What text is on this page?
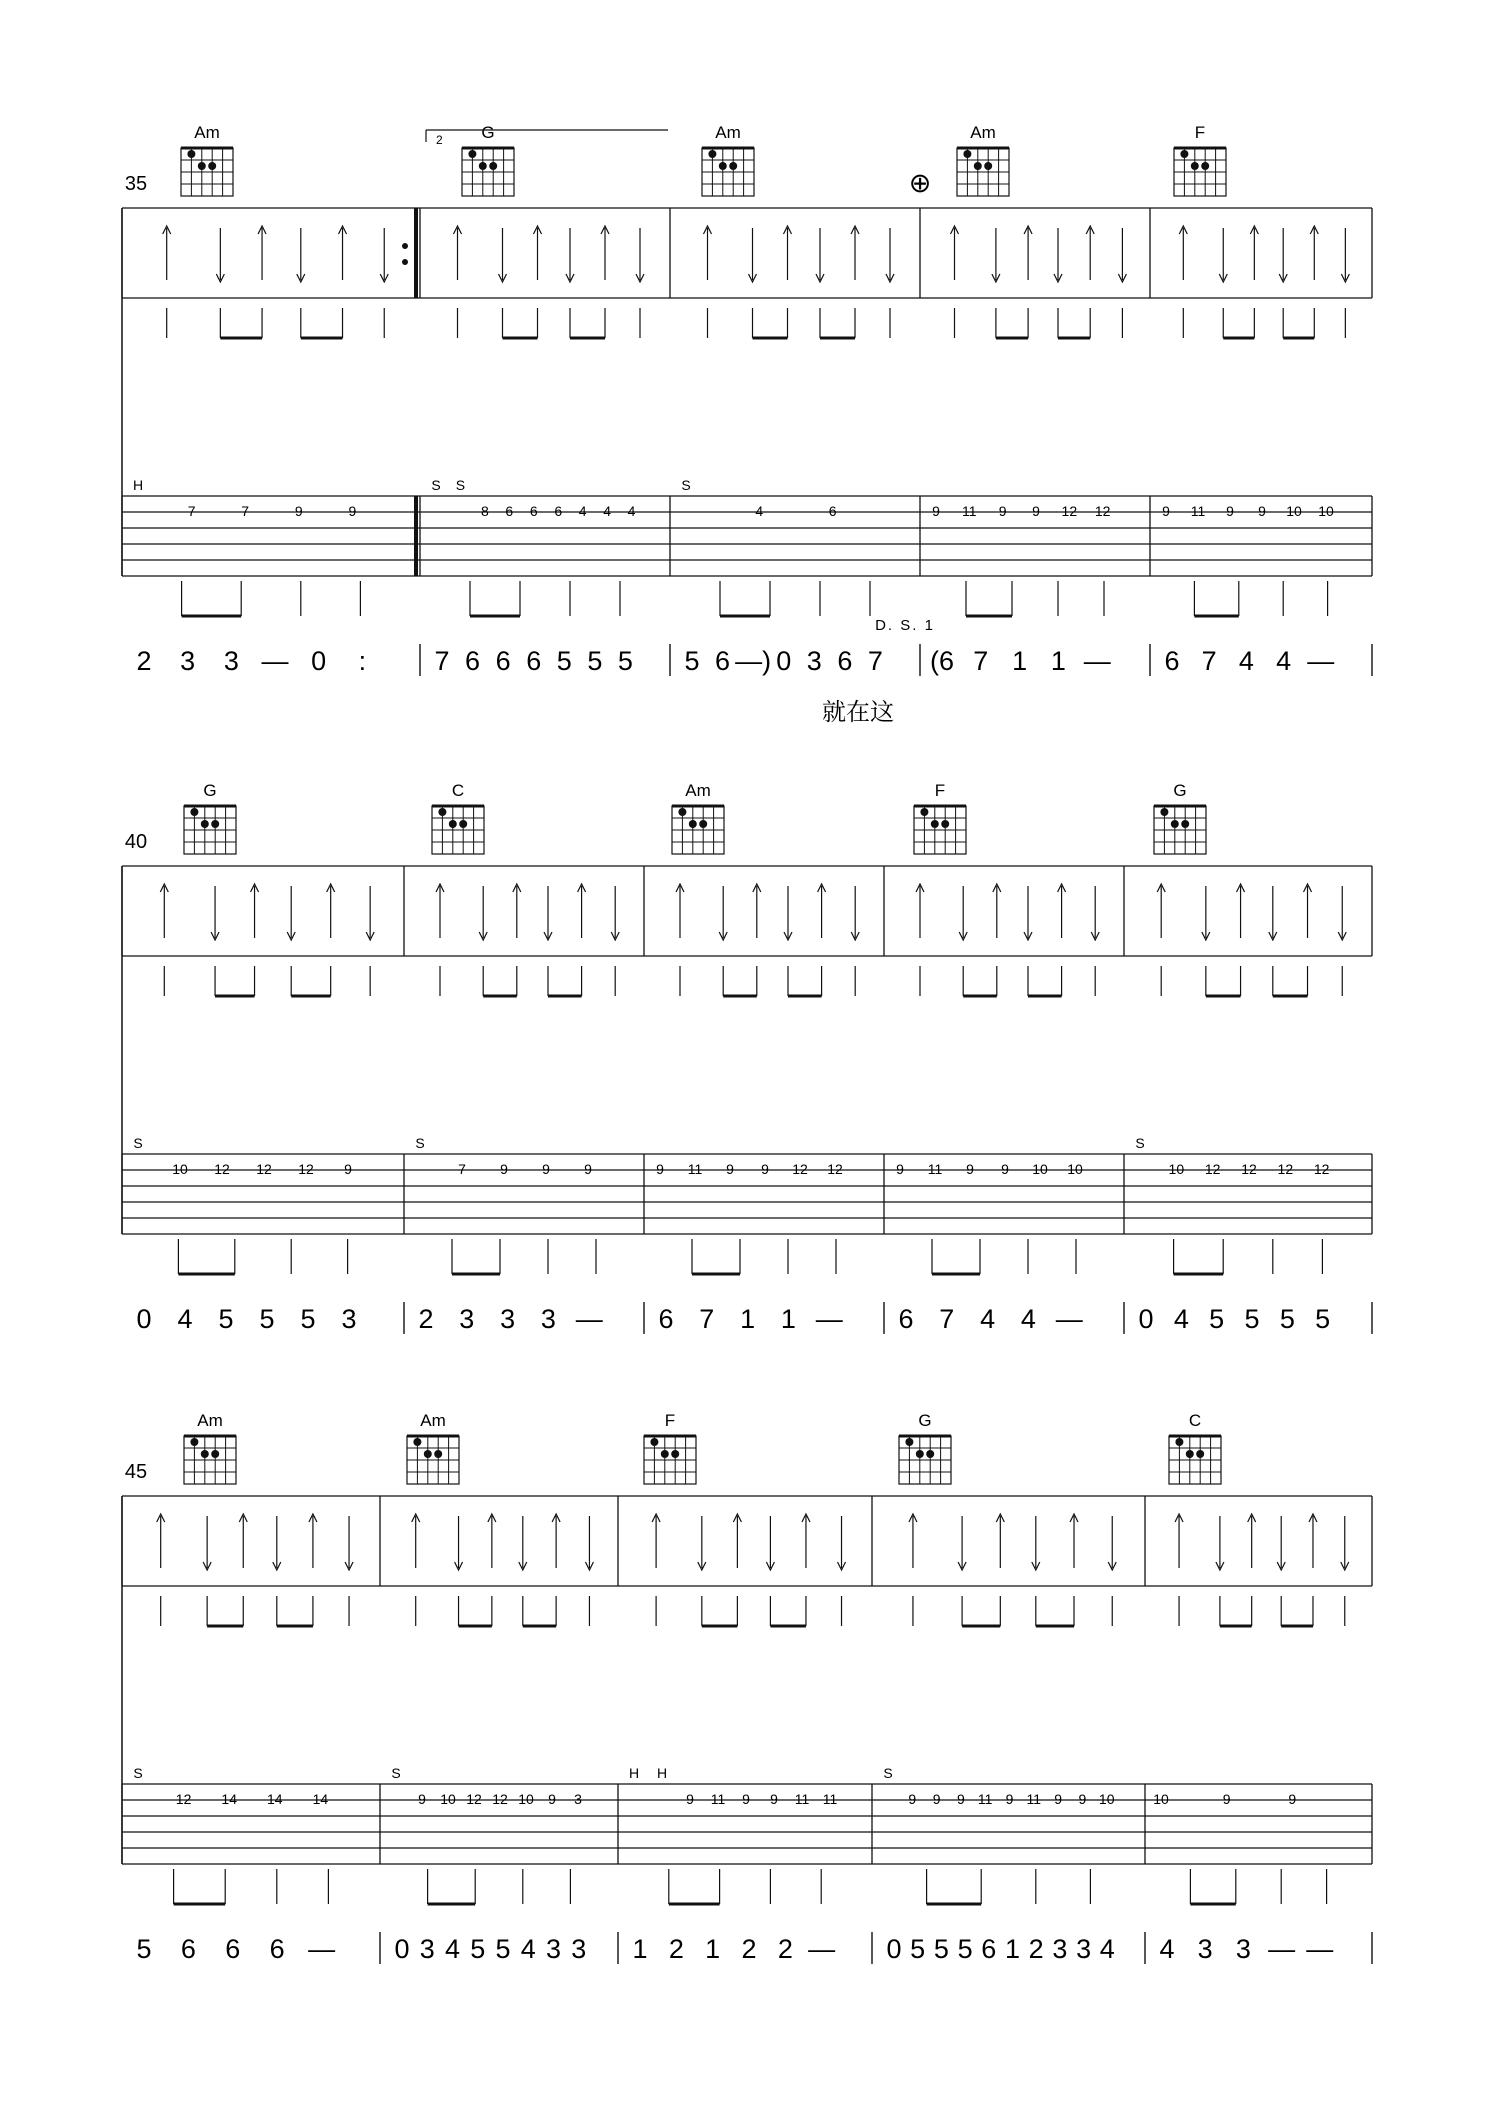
35
Am	G	Am	Am	F
H
7	7	9	9
2 3 3 — 0 :
S S
8 6 6 6 4 4 4
7 6 6 6 5 5 5
S
4	6
5 6 —) 0 3 6 7
9 11 9 9 12 12
(6 7 1 1 —
9 11 9 9 10 10
6 7 4 4 —
2
D. S. 1
⊕
就在这
40
G	C	Am	F	G
S
10 12 12 12 9
0 4 5 5 5 3
S
7 9 9 9
2 3 3 3 —
9 11 9 9 12 12
6 7 1 1 —
9 11 9 9 10 10
6 7 4 4 —
S
10 12 12 12 12
0 4 5 5 5 5
45
Am	Am	F	G	C
S
12 14 14 14
5 6 6 6 —
S
9 10 12 12 10 9 3
0 3 4 5 5 4 3 3
H H
9 11 9 9 11 11
1 2 1 2 2 —
S
9 9 9 11 9 11 9 9 10
0 5 5 5 6 1 2 3 3 4
10	9	9
4 3 3 — —
